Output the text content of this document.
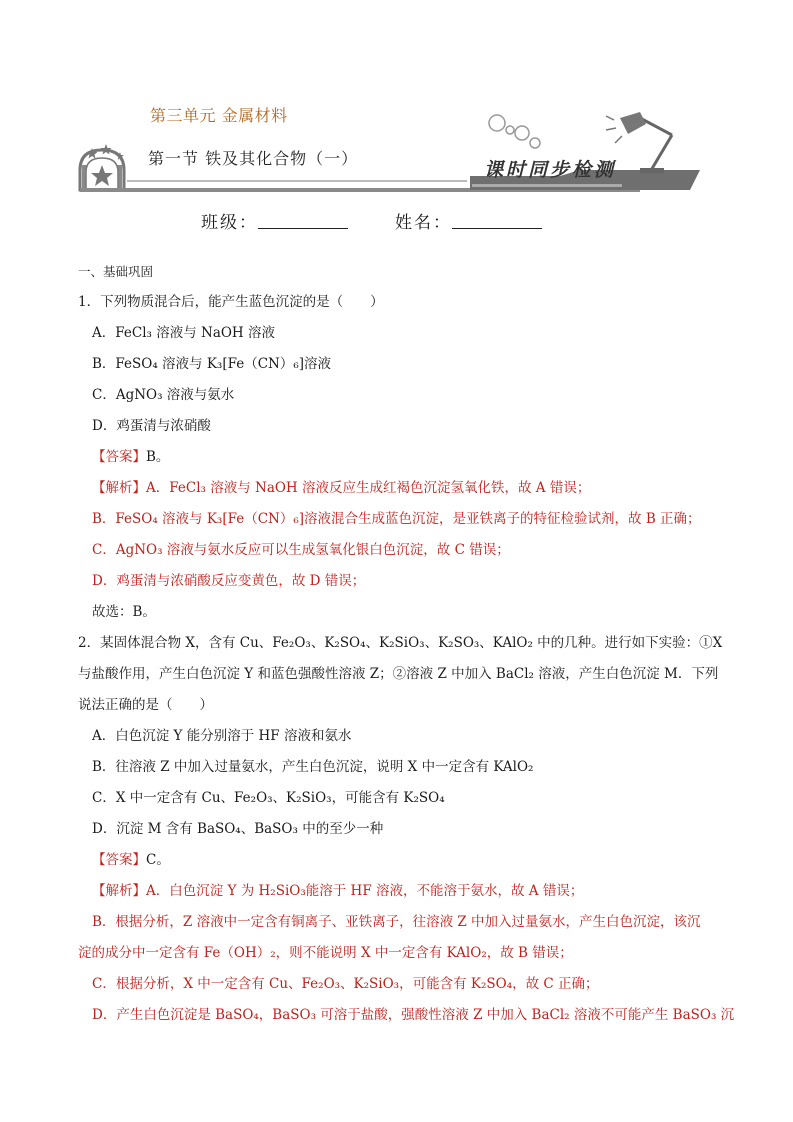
第三单元 金属材料
第一节 铁及其化合物（一）
课时同步检测
班级：	姓名：
一、基础巩固
1．下列物质混合后，能产生蓝色沉淀的是（　　）
A．FeCl₃ 溶液与 NaOH 溶液
B．FeSO₄ 溶液与 K₃[Fe（CN）₆]溶液
C．AgNO₃ 溶液与氨水
D．鸡蛋清与浓硝酸
【答案】B。
【解析】A．FeCl₃ 溶液与 NaOH 溶液反应生成红褐色沉淀氢氧化铁，故 A 错误；
B．FeSO₄ 溶液与 K₃[Fe（CN）₆]溶液混合生成蓝色沉淀，是亚铁离子的特征检验试剂，故 B 正确；
C．AgNO₃ 溶液与氨水反应可以生成氢氧化银白色沉淀，故 C 错误；
D．鸡蛋清与浓硝酸反应变黄色，故 D 错误；
故选：B。
2．某固体混合物 X，含有 Cu、Fe₂O₃、K₂SO₄、K₂SiO₃、K₂SO₃、KAlO₂ 中的几种。进行如下实验：①X
与盐酸作用，产生白色沉淀 Y 和蓝色强酸性溶液 Z；②溶液 Z 中加入 BaCl₂ 溶液，产生白色沉淀 M．下列
说法正确的是（　　）
A．白色沉淀 Y 能分别溶于 HF 溶液和氨水
B．往溶液 Z 中加入过量氨水，产生白色沉淀，说明 X 中一定含有 KAlO₂
C．X 中一定含有 Cu、Fe₂O₃、K₂SiO₃，可能含有 K₂SO₄
D．沉淀 M 含有 BaSO₄、BaSO₃ 中的至少一种
【答案】C。
【解析】A．白色沉淀 Y 为 H₂SiO₃能溶于 HF 溶液，不能溶于氨水，故 A 错误；
B．根据分析，Z 溶液中一定含有铜离子、亚铁离子，往溶液 Z 中加入过量氨水，产生白色沉淀，该沉
淀的成分中一定含有 Fe（OH）₂，则不能说明 X 中一定含有 KAlO₂，故 B 错误；
C．根据分析，X 中一定含有 Cu、Fe₂O₃、K₂SiO₃，可能含有 K₂SO₄，故 C 正确；
D．产生白色沉淀是 BaSO₄，BaSO₃ 可溶于盐酸，强酸性溶液 Z 中加入 BaCl₂ 溶液不可能产生 BaSO₃ 沉
